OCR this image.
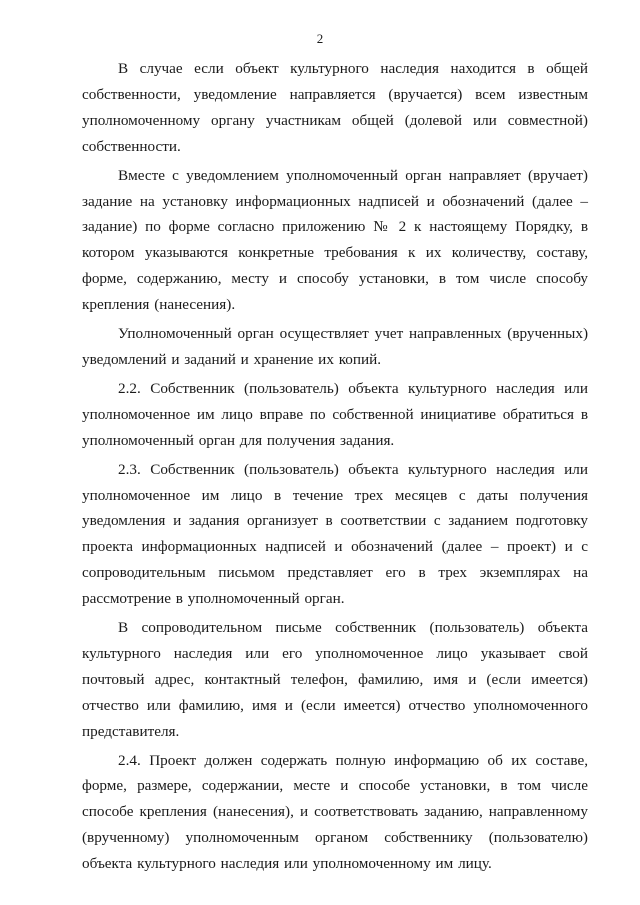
2

В случае если объект культурного наследия находится в общей собственности, уведомление направляется (вручается) всем известным уполномоченному органу участникам общей (долевой или совместной) собственности.

Вместе с уведомлением уполномоченный орган направляет (вручает) задание на установку информационных надписей и обозначений (далее – задание) по форме согласно приложению № 2 к настоящему Порядку, в котором указываются конкретные требования к их количеству, составу, форме, содержанию, месту и способу установки, в том числе способу крепления (нанесения).

Уполномоченный орган осуществляет учет направленных (врученных) уведомлений и заданий и хранение их копий.

2.2. Собственник (пользователь) объекта культурного наследия или уполномоченное им лицо вправе по собственной инициативе обратиться в уполномоченный орган для получения задания.

2.3. Собственник (пользователь) объекта культурного наследия или уполномоченное им лицо в течение трех месяцев с даты получения уведомления и задания организует в соответствии с заданием подготовку проекта информационных надписей и обозначений (далее – проект) и с сопроводительным письмом представляет его в трех экземплярах на рассмотрение в уполномоченный орган.

В сопроводительном письме собственник (пользователь) объекта культурного наследия или его уполномоченное лицо указывает свой почтовый адрес, контактный телефон, фамилию, имя и (если имеется) отчество или фамилию, имя и (если имеется) отчество уполномоченного представителя.

2.4. Проект должен содержать полную информацию об их составе, форме, размере, содержании, месте и способе установки, в том числе способе крепления (нанесения), и соответствовать заданию, направленному (врученному) уполномоченным органом собственнику (пользователю) объекта культурного наследия или уполномоченному им лицу.
